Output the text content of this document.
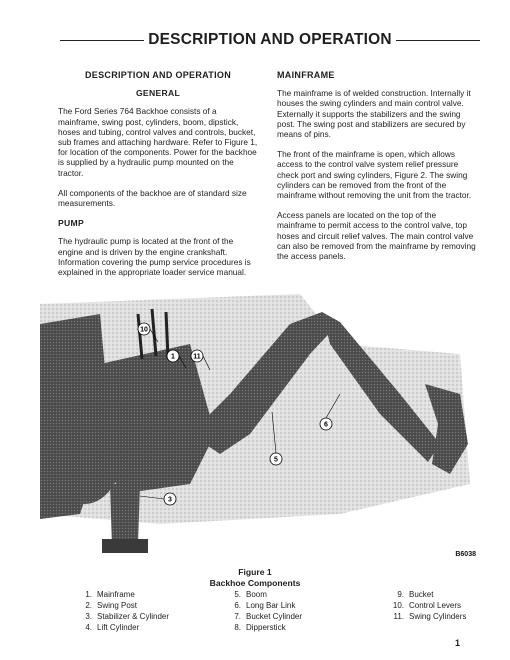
DESCRIPTION AND OPERATION
DESCRIPTION AND OPERATION
GENERAL

The Ford Series 764 Backhoe consists of a mainframe, swing post, cylinders, boom, dipstick, hoses and tubing, control valves and controls, bucket, sub frames and attaching hardware. Refer to Figure 1, for location of the components. Power for the backhoe is supplied by a hydraulic pump mounted on the tractor.

All components of the backhoe are of standard size measurements.

PUMP

The hydraulic pump is located at the front of the engine and is driven by the engine crankshaft. Information covering the pump service procedures is explained in the appropriate loader service manual.

MAINFRAME

The mainframe is of welded construction. Internally it houses the swing cylinders and main control valve. Externally it supports the stabilizers and the swing post. The swing post and stabilizers are secured by means of pins.

The front of the mainframe is open, which allows access to the control valve system relief pressure check port and swing cylinders, Figure 2. The swing cylinders can be removed from the front of the mainframe without removing the unit from the tractor.

Access panels are located on the top of the mainframe to permit access to the control valve, top hoses and circuit relief valves. The main control valve can also be removed from the mainframe by removing the access panels.

10
1	11
6
5
3
B6038
Figure 1
Backhoe Components
1. Mainframe
2. Swing Post
3. Stabilizer & Cylinder
4. Lift Cylinder
5. Boom
6. Long Bar Link
7. Bucket Cylinder
8. Dipperstick
9. Bucket
10. Control Levers
11. Swing Cylinders
1
